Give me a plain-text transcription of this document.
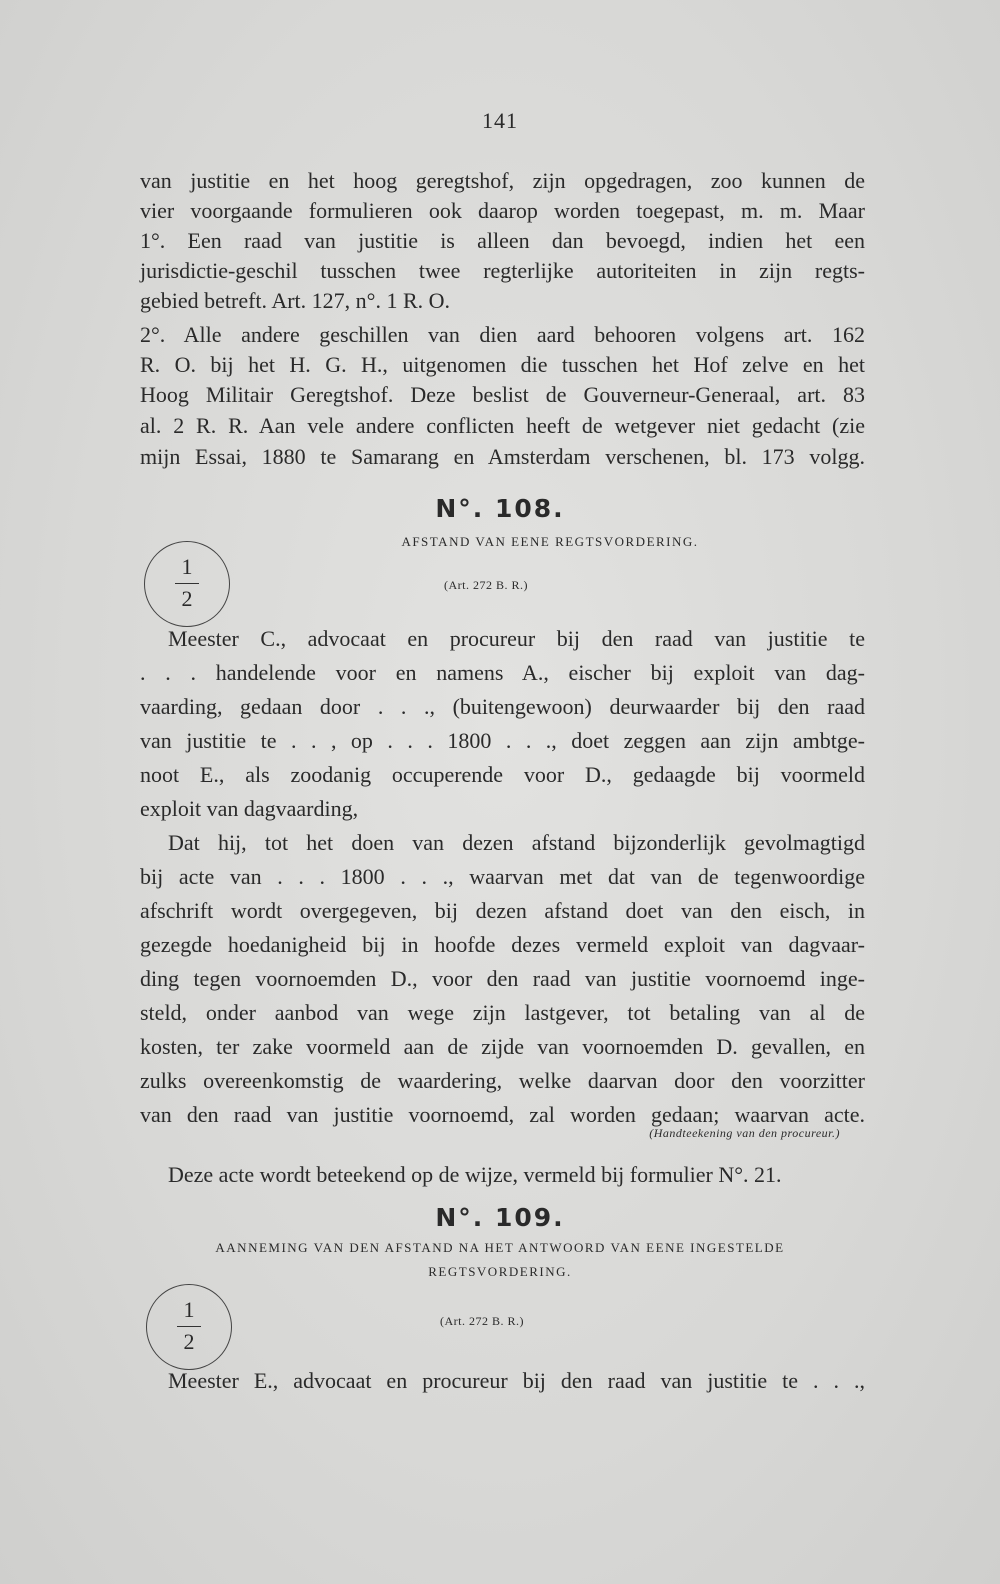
141
van justitie en het hoog geregtshof, zijn opgedragen, zoo kunnen de
vier voorgaande formulieren ook daarop worden toegepast, m. m. Maar
1°. Een raad van justitie is alleen dan bevoegd, indien het een
jurisdictie-geschil tusschen twee regterlijke autoriteiten in zijn regts-
gebied betreft. Art. 127, n°. 1 R. O.
2°. Alle andere geschillen van dien aard behooren volgens art. 162
R. O. bij het H. G. H., uitgenomen die tusschen het Hof zelve en het
Hoog Militair Geregtshof. Deze beslist de Gouverneur-Generaal, art. 83
al. 2 R. R. Aan vele andere conflicten heeft de wetgever niet gedacht (zie
mijn Essai, 1880 te Samarang en Amsterdam verschenen, bl. 173 volgg.
N°. 108.
AFSTAND VAN EENE REGTSVORDERING.
1
2
(Art. 272 B. R.)
Meester C., advocaat en procureur bij den raad van justitie te
. . . handelende voor en namens A., eischer bij exploit van dag-
vaarding, gedaan door . . ., (buitengewoon) deurwaarder bij den raad
van justitie te . . , op . . . 1800 . . ., doet zeggen aan zijn ambtge-
noot E., als zoodanig occuperende voor D., gedaagde bij voormeld
exploit van dagvaarding,
Dat hij, tot het doen van dezen afstand bijzonderlijk gevolmagtigd
bij acte van . . . 1800 . . ., waarvan met dat van de tegenwoordige
afschrift wordt overgegeven, bij dezen afstand doet van den eisch, in
gezegde hoedanigheid bij in hoofde dezes vermeld exploit van dagvaar-
ding tegen voornoemden D., voor den raad van justitie voornoemd inge-
steld, onder aanbod van wege zijn lastgever, tot betaling van al de
kosten, ter zake voormeld aan de zijde van voornoemden D. gevallen, en
zulks overeenkomstig de waardering, welke daarvan door den voorzitter
van den raad van justitie voornoemd, zal worden gedaan; waarvan acte.
(Handteekening van den procureur.)
Deze acte wordt beteekend op de wijze, vermeld bij formulier N°. 21.
N°. 109.
AANNEMING VAN DEN AFSTAND NA HET ANTWOORD VAN EENE INGESTELDE
REGTSVORDERING.
1
2
(Art. 272 B. R.)
Meester E., advocaat en procureur bij den raad van justitie te . . .,
